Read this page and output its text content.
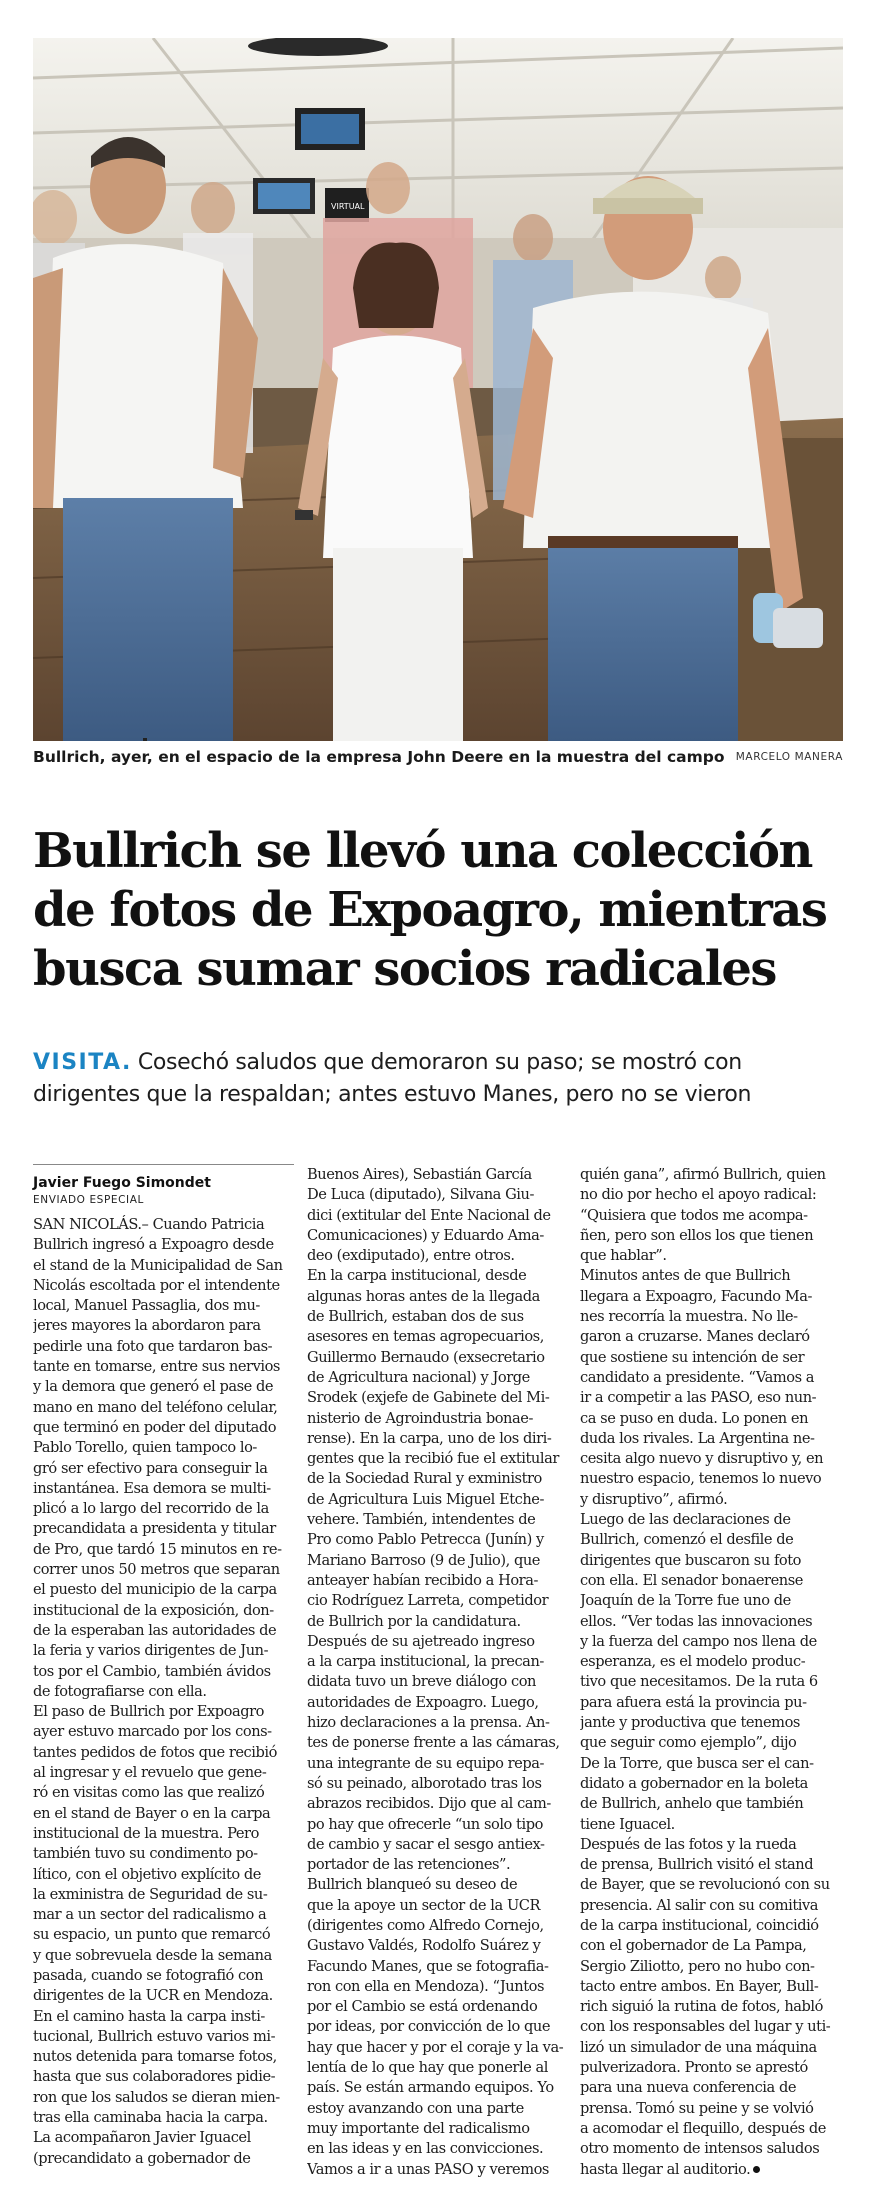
VIRTUAL
Bullrich, ayer, en el espacio de la empresa John Deere en la muestra del campo MARCELO MANERA
Bullrich se llevó una colección
de fotos de Expoagro, mientras
busca sumar socios radicales
VISITA. Cosechó saludos que demoraron su paso; se mostró con
dirigentes que la respaldan; antes estuvo Manes, pero no se vieron
Javier Fuego Simondet
ENVIADO ESPECIAL
SAN NICOLÁS.– Cuando Patricia
Bullrich ingresó a Expoagro desde
el stand de la Municipalidad de San
Nicolás escoltada por el intendente
local, Manuel Passaglia, dos mu-
jeres mayores la abordaron para
pedirle una foto que tardaron bas-
tante en tomarse, entre sus nervios
y la demora que generó el pase de
mano en mano del teléfono celular,
que terminó en poder del diputado
Pablo Torello, quien tampoco lo-
gró ser efectivo para conseguir la
instantánea. Esa demora se multi-
plicó a lo largo del recorrido de la
precandidata a presidenta y titular
de Pro, que tardó 15 minutos en re-
correr unos 50 metros que separan
el puesto del municipio de la carpa
institucional de la exposición, don-
de la esperaban las autoridades de
la feria y varios dirigentes de Jun-
tos por el Cambio, también ávidos
de fotografiarse con ella.
El paso de Bullrich por Expoagro
ayer estuvo marcado por los cons-
tantes pedidos de fotos que recibió
al ingresar y el revuelo que gene-
ró en visitas como las que realizó
en el stand de Bayer o en la carpa
institucional de la muestra. Pero
también tuvo su condimento po-
lítico, con el objetivo explícito de
la exministra de Seguridad de su-
mar a un sector del radicalismo a
su espacio, un punto que remarcó
y que sobrevuela desde la semana
pasada, cuando se fotografió con
dirigentes de la UCR en Mendoza.
En el camino hasta la carpa insti-
tucional, Bullrich estuvo varios mi-
nutos detenida para tomarse fotos,
hasta que sus colaboradores pidie-
ron que los saludos se dieran mien-
tras ella caminaba hacia la carpa.
La acompañaron Javier Iguacel
(precandidato a gobernador de
Buenos Aires), Sebastián García
De Luca (diputado), Silvana Giu-
dici (extitular del Ente Nacional de
Comunicaciones) y Eduardo Ama-
deo (exdiputado), entre otros.
En la carpa institucional, desde
algunas horas antes de la llegada
de Bullrich, estaban dos de sus
asesores en temas agropecuarios,
Guillermo Bernaudo (exsecretario
de Agricultura nacional) y Jorge
Srodek (exjefe de Gabinete del Mi-
nisterio de Agroindustria bonae-
rense). En la carpa, uno de los diri-
gentes que la recibió fue el extitular
de la Sociedad Rural y exministro
de Agricultura Luis Miguel Etche-
vehere. También, intendentes de
Pro como Pablo Petrecca (Junín) y
Mariano Barroso (9 de Julio), que
anteayer habían recibido a Hora-
cio Rodríguez Larreta, competidor
de Bullrich por la candidatura.
Después de su ajetreado ingreso
a la carpa institucional, la precan-
didata tuvo un breve diálogo con
autoridades de Expoagro. Luego,
hizo declaraciones a la prensa. An-
tes de ponerse frente a las cámaras,
una integrante de su equipo repa-
só su peinado, alborotado tras los
abrazos recibidos. Dijo que al cam-
po hay que ofrecerle “un solo tipo
de cambio y sacar el sesgo antiex-
portador de las retenciones”.
Bullrich blanqueó su deseo de
que la apoye un sector de la UCR
(dirigentes como Alfredo Cornejo,
Gustavo Valdés, Rodolfo Suárez y
Facundo Manes, que se fotografia-
ron con ella en Mendoza). “Juntos
por el Cambio se está ordenando
por ideas, por convicción de lo que
hay que hacer y por el coraje y la va-
lentía de lo que hay que ponerle al
país. Se están armando equipos. Yo
estoy avanzando con una parte
muy importante del radicalismo
en las ideas y en las convicciones.
Vamos a ir a unas PASO y veremos
quién gana”, afirmó Bullrich, quien
no dio por hecho el apoyo radical:
“Quisiera que todos me acompa-
ñen, pero son ellos los que tienen
que hablar”.
Minutos antes de que Bullrich
llegara a Expoagro, Facundo Ma-
nes recorría la muestra. No lle-
garon a cruzarse. Manes declaró
que sostiene su intención de ser
candidato a presidente. “Vamos a
ir a competir a las PASO, eso nun-
ca se puso en duda. Lo ponen en
duda los rivales. La Argentina ne-
cesita algo nuevo y disruptivo y, en
nuestro espacio, tenemos lo nuevo
y disruptivo”, afirmó.
Luego de las declaraciones de
Bullrich, comenzó el desfile de
dirigentes que buscaron su foto
con ella. El senador bonaerense
Joaquín de la Torre fue uno de
ellos. “Ver todas las innovaciones
y la fuerza del campo nos llena de
esperanza, es el modelo produc-
tivo que necesitamos. De la ruta 6
para afuera está la provincia pu-
jante y productiva que tenemos
que seguir como ejemplo”, dijo
De la Torre, que busca ser el can-
didato a gobernador en la boleta
de Bullrich, anhelo que también
tiene Iguacel.
Después de las fotos y la rueda
de prensa, Bullrich visitó el stand
de Bayer, que se revolucionó con su
presencia. Al salir con su comitiva
de la carpa institucional, coincidió
con el gobernador de La Pampa,
Sergio Ziliotto, pero no hubo con-
tacto entre ambos. En Bayer, Bull-
rich siguió la rutina de fotos, habló
con los responsables del lugar y uti-
lizó un simulador de una máquina
pulverizadora. Pronto se aprestó
para una nueva conferencia de
prensa. Tomó su peine y se volvió
a acomodar el flequillo, después de
otro momento de intensos saludos
hasta llegar al auditorio.
